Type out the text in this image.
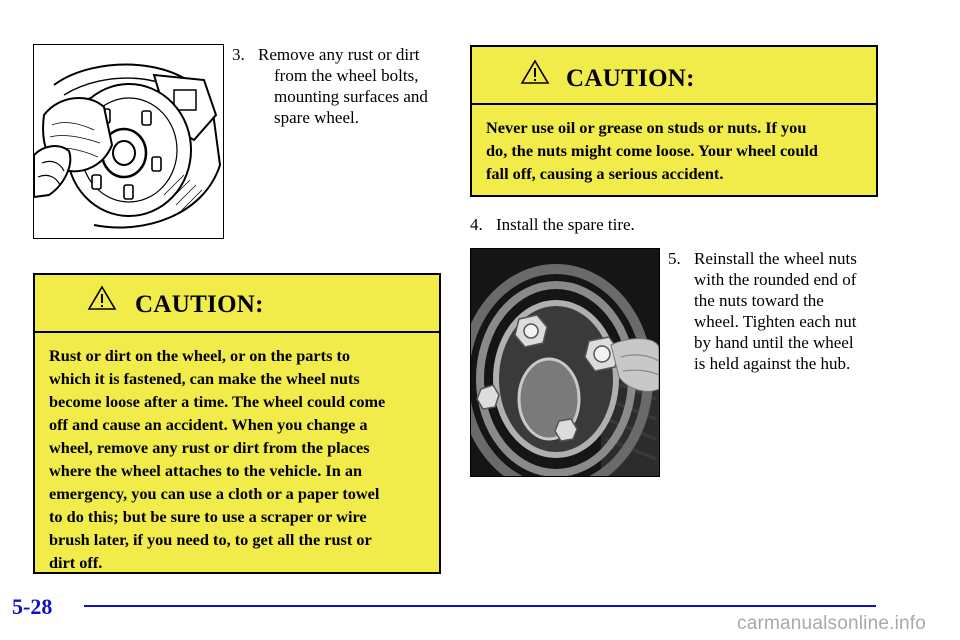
3. Remove any rust or dirt
from the wheel bolts,
mounting surfaces and
spare wheel.
CAUTION:
Rust or dirt on the wheel, or on the parts to
which it is fastened, can make the wheel nuts
become loose after a time. The wheel could come
off and cause an accident. When you change a
wheel, remove any rust or dirt from the places
where the wheel attaches to the vehicle. In an
emergency, you can use a cloth or a paper towel
to do this; but be sure to use a scraper or wire
brush later, if you need to, to get all the rust or
dirt off.
CAUTION:
Never use oil or grease on studs or nuts. If you
do, the nuts might come loose. Your wheel could
fall off, causing a serious accident.
4. Install the spare tire.
5. Reinstall the wheel nuts
with the rounded end of
the nuts toward the
wheel. Tighten each nut
by hand until the wheel
is held against the hub.
5-28
carmanualsonline.info
